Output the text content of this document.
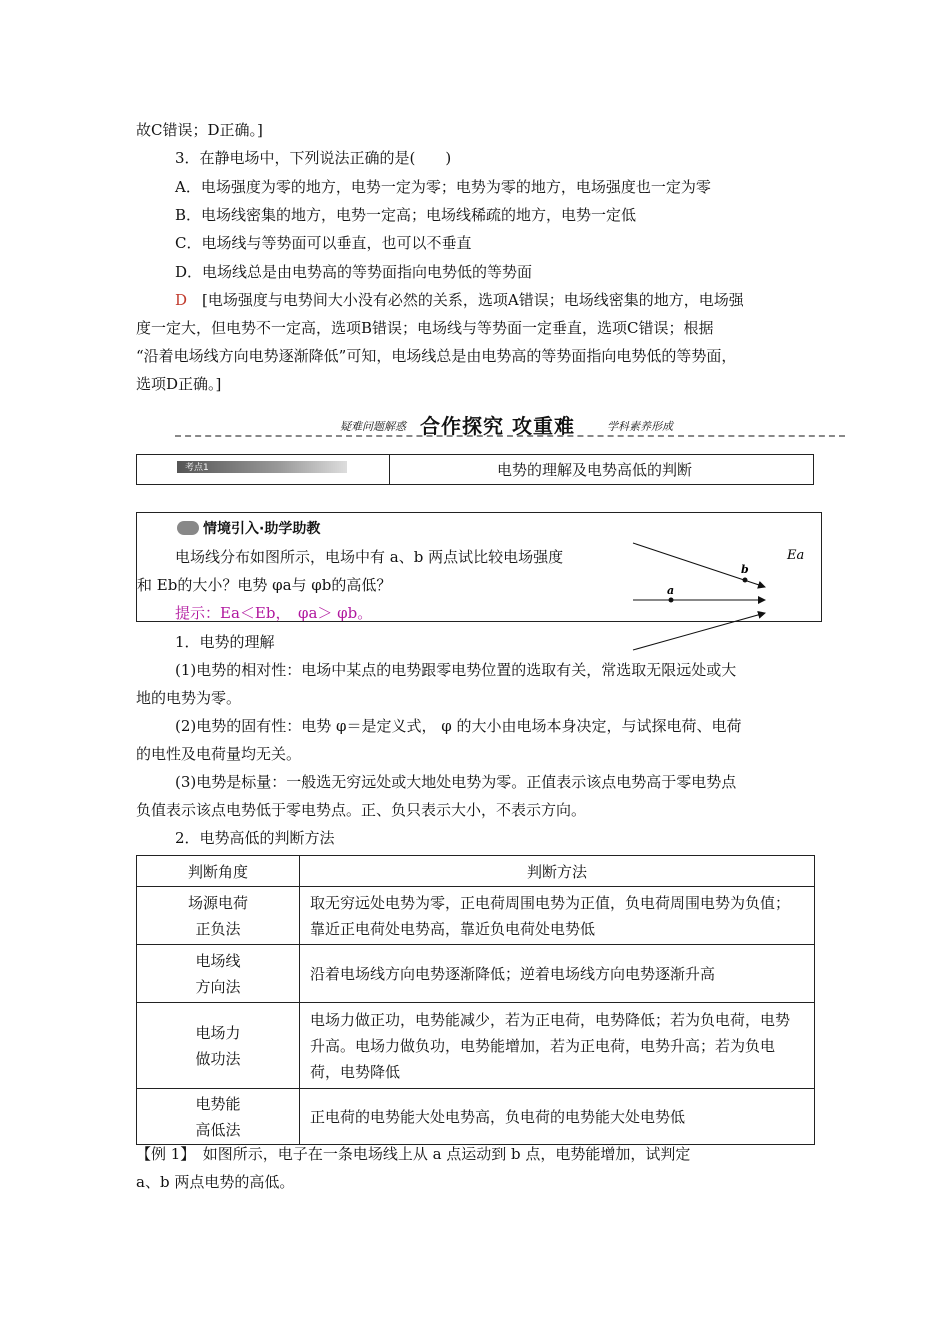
故C错误；D正确。]
3．在静电场中，下列说法正确的是(　　)
A．电场强度为零的地方，电势一定为零；电势为零的地方，电场强度也一定为零
B．电场线密集的地方，电势一定高；电场线稀疏的地方，电势一定低
C．电场线与等势面可以垂直，也可以不垂直
D．电场线总是由电势高的等势面指向电势低的等势面
D　 [电场强度与电势间大小没有必然的关系，选项A错误；电场线密集的地方，电场强
度一定大，但电势不一定高，选项B错误；电场线与等势面一定垂直，选项C错误；根据
“沿着电场线方向电势逐渐降低”可知，电场线总是由电势高的等势面指向电势低的等势面，
选项D正确。]
疑难问题解惑 合作探究 攻重难	学科素养形成
考点1	电势的理解及电势高低的判断
情境引入·助学助教
电场线分布如图所示，电场中有 a、b 两点试比较电场强度
和 Eb的大小？电势 φa与 φb的高低？
提示：Ea＜Eb，　φa＞ φb。
a
b
Ea
1．电势的理解
(1)电势的相对性：电场中某点的电势跟零电势位置的选取有关，常选取无限远处或大
地的电势为零。
(2)电势的固有性：电势 φ＝是定义式， φ 的大小由电场本身决定，与试探电荷、电荷
的电性及电荷量均无关。
(3)电势是标量：一般选无穷远处或大地处电势为零。正值表示该点电势高于零电势点
负值表示该点电势低于零电势点。正、负只表示大小，不表示方向。
2．电势高低的判断方法
判断角度	判断方法
场源电荷
正负法	取无穷远处电势为零，正电荷周围电势为正值，负电荷周围电势为负值；靠近正电荷处电势高，靠近负电荷处电势低
电场线
方向法	沿着电场线方向电势逐渐降低；逆着电场线方向电势逐渐升高
电场力
做功法	电场力做正功，电势能减少，若为正电荷，电势降低；若为负电荷，电势升高。电场力做负功，电势能增加，若为正电荷，电势升高；若为负电荷，电势降低
电势能
高低法	正电荷的电势能大处电势高，负电荷的电势能大处电势低
【例 1】　如图所示，电子在一条电场线上从 a 点运动到 b 点，电势能增加，试判定
a、b 两点电势的高低。
